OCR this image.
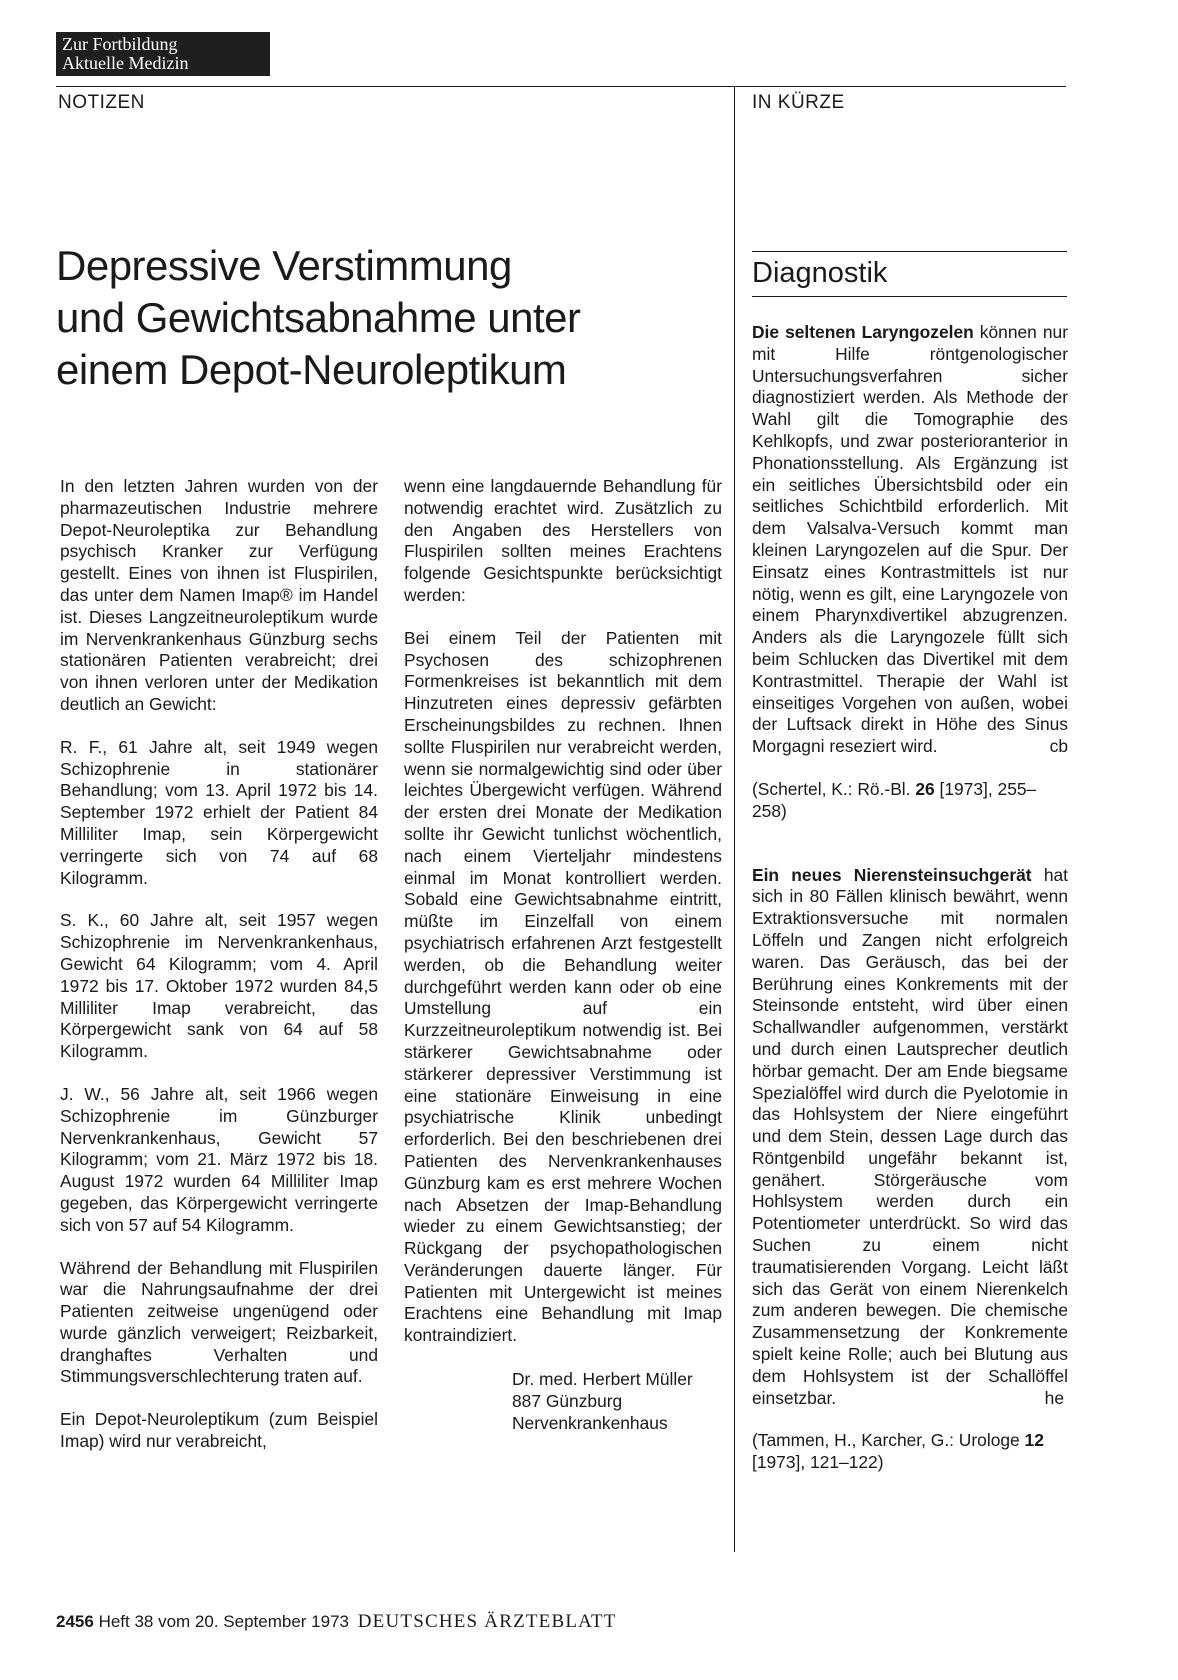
Zur Fortbildung
Aktuelle Medizin
NOTIZEN	IN KÜRZE
Depressive Verstimmung
und Gewichtsabnahme unter
einem Depot-Neuroleptikum

In den letzten Jahren wurden von der pharmazeutischen Industrie mehrere Depot-Neuroleptika zur Behandlung psychisch Kranker zur Verfügung gestellt. Eines von ihnen ist Fluspirilen, das unter dem Namen Imap® im Handel ist. Dieses Langzeitneuroleptikum wurde im Nervenkrankenhaus Günzburg sechs stationären Patienten verabreicht; drei von ihnen verloren unter der Medikation deutlich an Gewicht:

R. F., 61 Jahre alt, seit 1949 wegen Schizophrenie in stationärer Behandlung; vom 13. April 1972 bis 14. September 1972 erhielt der Patient 84 Milliliter Imap, sein Körpergewicht verringerte sich von 74 auf 68 Kilogramm.

S. K., 60 Jahre alt, seit 1957 wegen Schizophrenie im Nervenkrankenhaus, Gewicht 64 Kilogramm; vom 4. April 1972 bis 17. Oktober 1972 wurden 84,5 Milliliter Imap verabreicht, das Körpergewicht sank von 64 auf 58 Kilogramm.

J. W., 56 Jahre alt, seit 1966 wegen Schizophrenie im Günzburger Nervenkrankenhaus, Gewicht 57 Kilogramm; vom 21. März 1972 bis 18. August 1972 wurden 64 Milliliter Imap gegeben, das Körpergewicht verringerte sich von 57 auf 54 Kilogramm.

Während der Behandlung mit Fluspirilen war die Nahrungsaufnahme der drei Patienten zeitweise ungenügend oder wurde gänzlich verweigert; Reizbarkeit, dranghaftes Verhalten und Stimmungsverschlechterung traten auf.

Ein Depot-Neuroleptikum (zum Beispiel Imap) wird nur verabreicht,

wenn eine langdauernde Behandlung für notwendig erachtet wird. Zusätzlich zu den Angaben des Herstellers von Fluspirilen sollten meines Erachtens folgende Gesichtspunkte berücksichtigt werden:

Bei einem Teil der Patienten mit Psychosen des schizophrenen Formenkreises ist bekanntlich mit dem Hinzutreten eines depressiv gefärbten Erscheinungsbildes zu rechnen. Ihnen sollte Fluspirilen nur verabreicht werden, wenn sie normalgewichtig sind oder über leichtes Übergewicht verfügen. Während der ersten drei Monate der Medikation sollte ihr Gewicht tunlichst wöchentlich, nach einem Vierteljahr mindestens einmal im Monat kontrolliert werden. Sobald eine Gewichtsabnahme eintritt, müßte im Einzelfall von einem psychiatrisch erfahrenen Arzt festgestellt werden, ob die Behandlung weiter durchgeführt werden kann oder ob eine Umstellung auf ein Kurzzeitneuroleptikum notwendig ist. Bei stärkerer Gewichtsabnahme oder stärkerer depressiver Verstimmung ist eine stationäre Einweisung in eine psychiatrische Klinik unbedingt erforderlich. Bei den beschriebenen drei Patienten des Nervenkrankenhauses Günzburg kam es erst mehrere Wochen nach Absetzen der Imap-Behandlung wieder zu einem Gewichtsanstieg; der Rückgang der psychopathologischen Veränderungen dauerte länger. Für Patienten mit Untergewicht ist meines Erachtens eine Behandlung mit Imap kontraindiziert.

Dr. med. Herbert Müller
887 Günzburg
Nervenkrankenhaus
Diagnostik

Die seltenen Laryngozelen können nur mit Hilfe röntgenologischer Untersuchungsverfahren sicher diagnostiziert werden. Als Methode der Wahl gilt die Tomographie des Kehlkopfs, und zwar posterioranterior in Phonationsstellung. Als Ergänzung ist ein seitliches Übersichtsbild oder ein seitliches Schichtbild erforderlich. Mit dem Valsalva-Versuch kommt man kleinen Laryngozelen auf die Spur. Der Einsatz eines Kontrastmittels ist nur nötig, wenn es gilt, eine Laryngozele von einem Pharynxdivertikel abzugrenzen. Anders als die Laryngozele füllt sich beim Schlucken das Divertikel mit dem Kontrastmittel. Therapie der Wahl ist einseitiges Vorgehen von außen, wobei der Luftsack direkt in Höhe des Sinus Morgagni reseziert wird.	cb

(Schertel, K.: Rö.-Bl. 26 [1973], 255–258)

Ein neues Nierensteinsuchgerät hat sich in 80 Fällen klinisch bewährt, wenn Extraktionsversuche mit normalen Löffeln und Zangen nicht erfolgreich waren. Das Geräusch, das bei der Berührung eines Konkrements mit der Steinsonde entsteht, wird über einen Schallwandler aufgenommen, verstärkt und durch einen Lautsprecher deutlich hörbar gemacht. Der am Ende biegsame Spezialöffel wird durch die Pyelotomie in das Hohlsystem der Niere eingeführt und dem Stein, dessen Lage durch das Röntgenbild ungefähr bekannt ist, genähert. Störgeräusche vom Hohlsystem werden durch ein Potentiometer unterdrückt. So wird das Suchen zu einem nicht traumatisierenden Vorgang. Leicht läßt sich das Gerät von einem Nierenkelch zum anderen bewegen. Die chemische Zusammensetzung der Konkremente spielt keine Rolle; auch bei Blutung aus dem Hohlsystem ist der Schallöffel einsetzbar.	he

(Tammen, H., Karcher, G.: Urologe 12 [1973], 121–122)

2456 Heft 38 vom 20. September 1973 DEUTSCHES ÄRZTEBLATT
